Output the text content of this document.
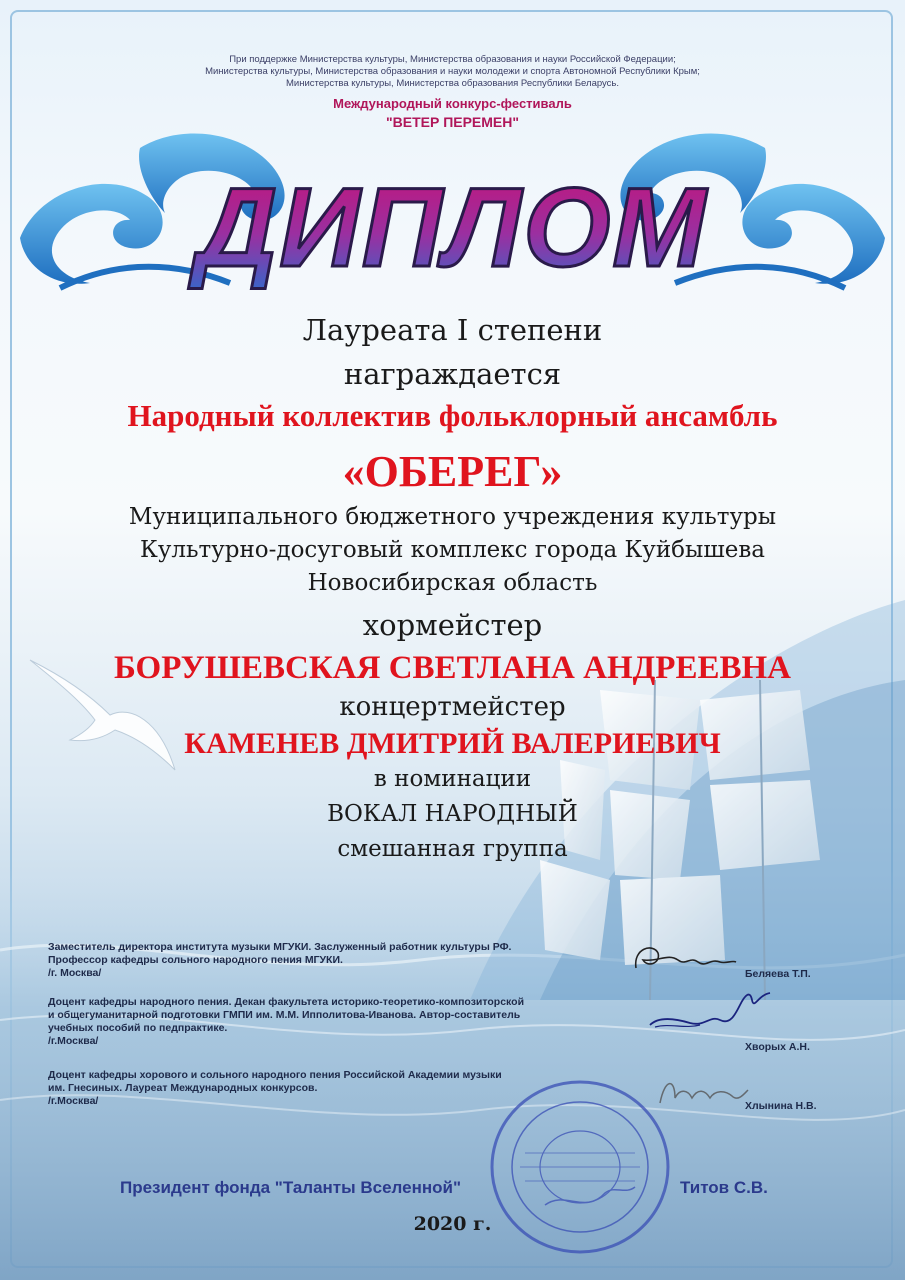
При поддержке Министерства культуры, Министерства образования и науки Российской Федерации;
Министерства культуры, Министерства образования и науки молодежи и спорта Автономной Республики Крым;
Министерства культуры, Министерства образования Республики Беларусь.
Международный конкурс-фестиваль
"ВЕТЕР ПЕРЕМЕН"
ДИПЛОМ
Лауреата I степени
награждается
Народный коллектив фольклорный ансамбль
«ОБЕРЕГ»
Муниципального бюджетного учреждения культуры
Культурно-досуговый комплекс города Куйбышева
Новосибирская область
хормейстер
БОРУШЕВСКАЯ СВЕТЛАНА АНДРЕЕВНА
концертмейстер
КАМЕНЕВ ДМИТРИЙ ВАЛЕРИЕВИЧ
в номинации
ВОКАЛ НАРОДНЫЙ
смешанная группа
Заместитель директора института музыки МГУКИ. Заслуженный работник культуры РФ.
Профессор кафедры сольного народного пения МГУКИ.
/г. Москва/	Беляева Т.П.
Доцент кафедры народного пения. Декан факультета историко-теоретико-композиторской
и общегуманитарной подготовки ГМПИ им. М.М. Ипполитова-Иванова. Автор-составитель
учебных пособий по педпрактике.
/г.Москва/	Хворых А.Н.
Доцент кафедры хорового и сольного народного пения Российской Академии музыки
им. Гнесиных. Лауреат Международных конкурсов.
/г.Москва/	Хлынина Н.В.
Президент фонда "Таланты Вселенной"	Титов С.В.
2020 г.
